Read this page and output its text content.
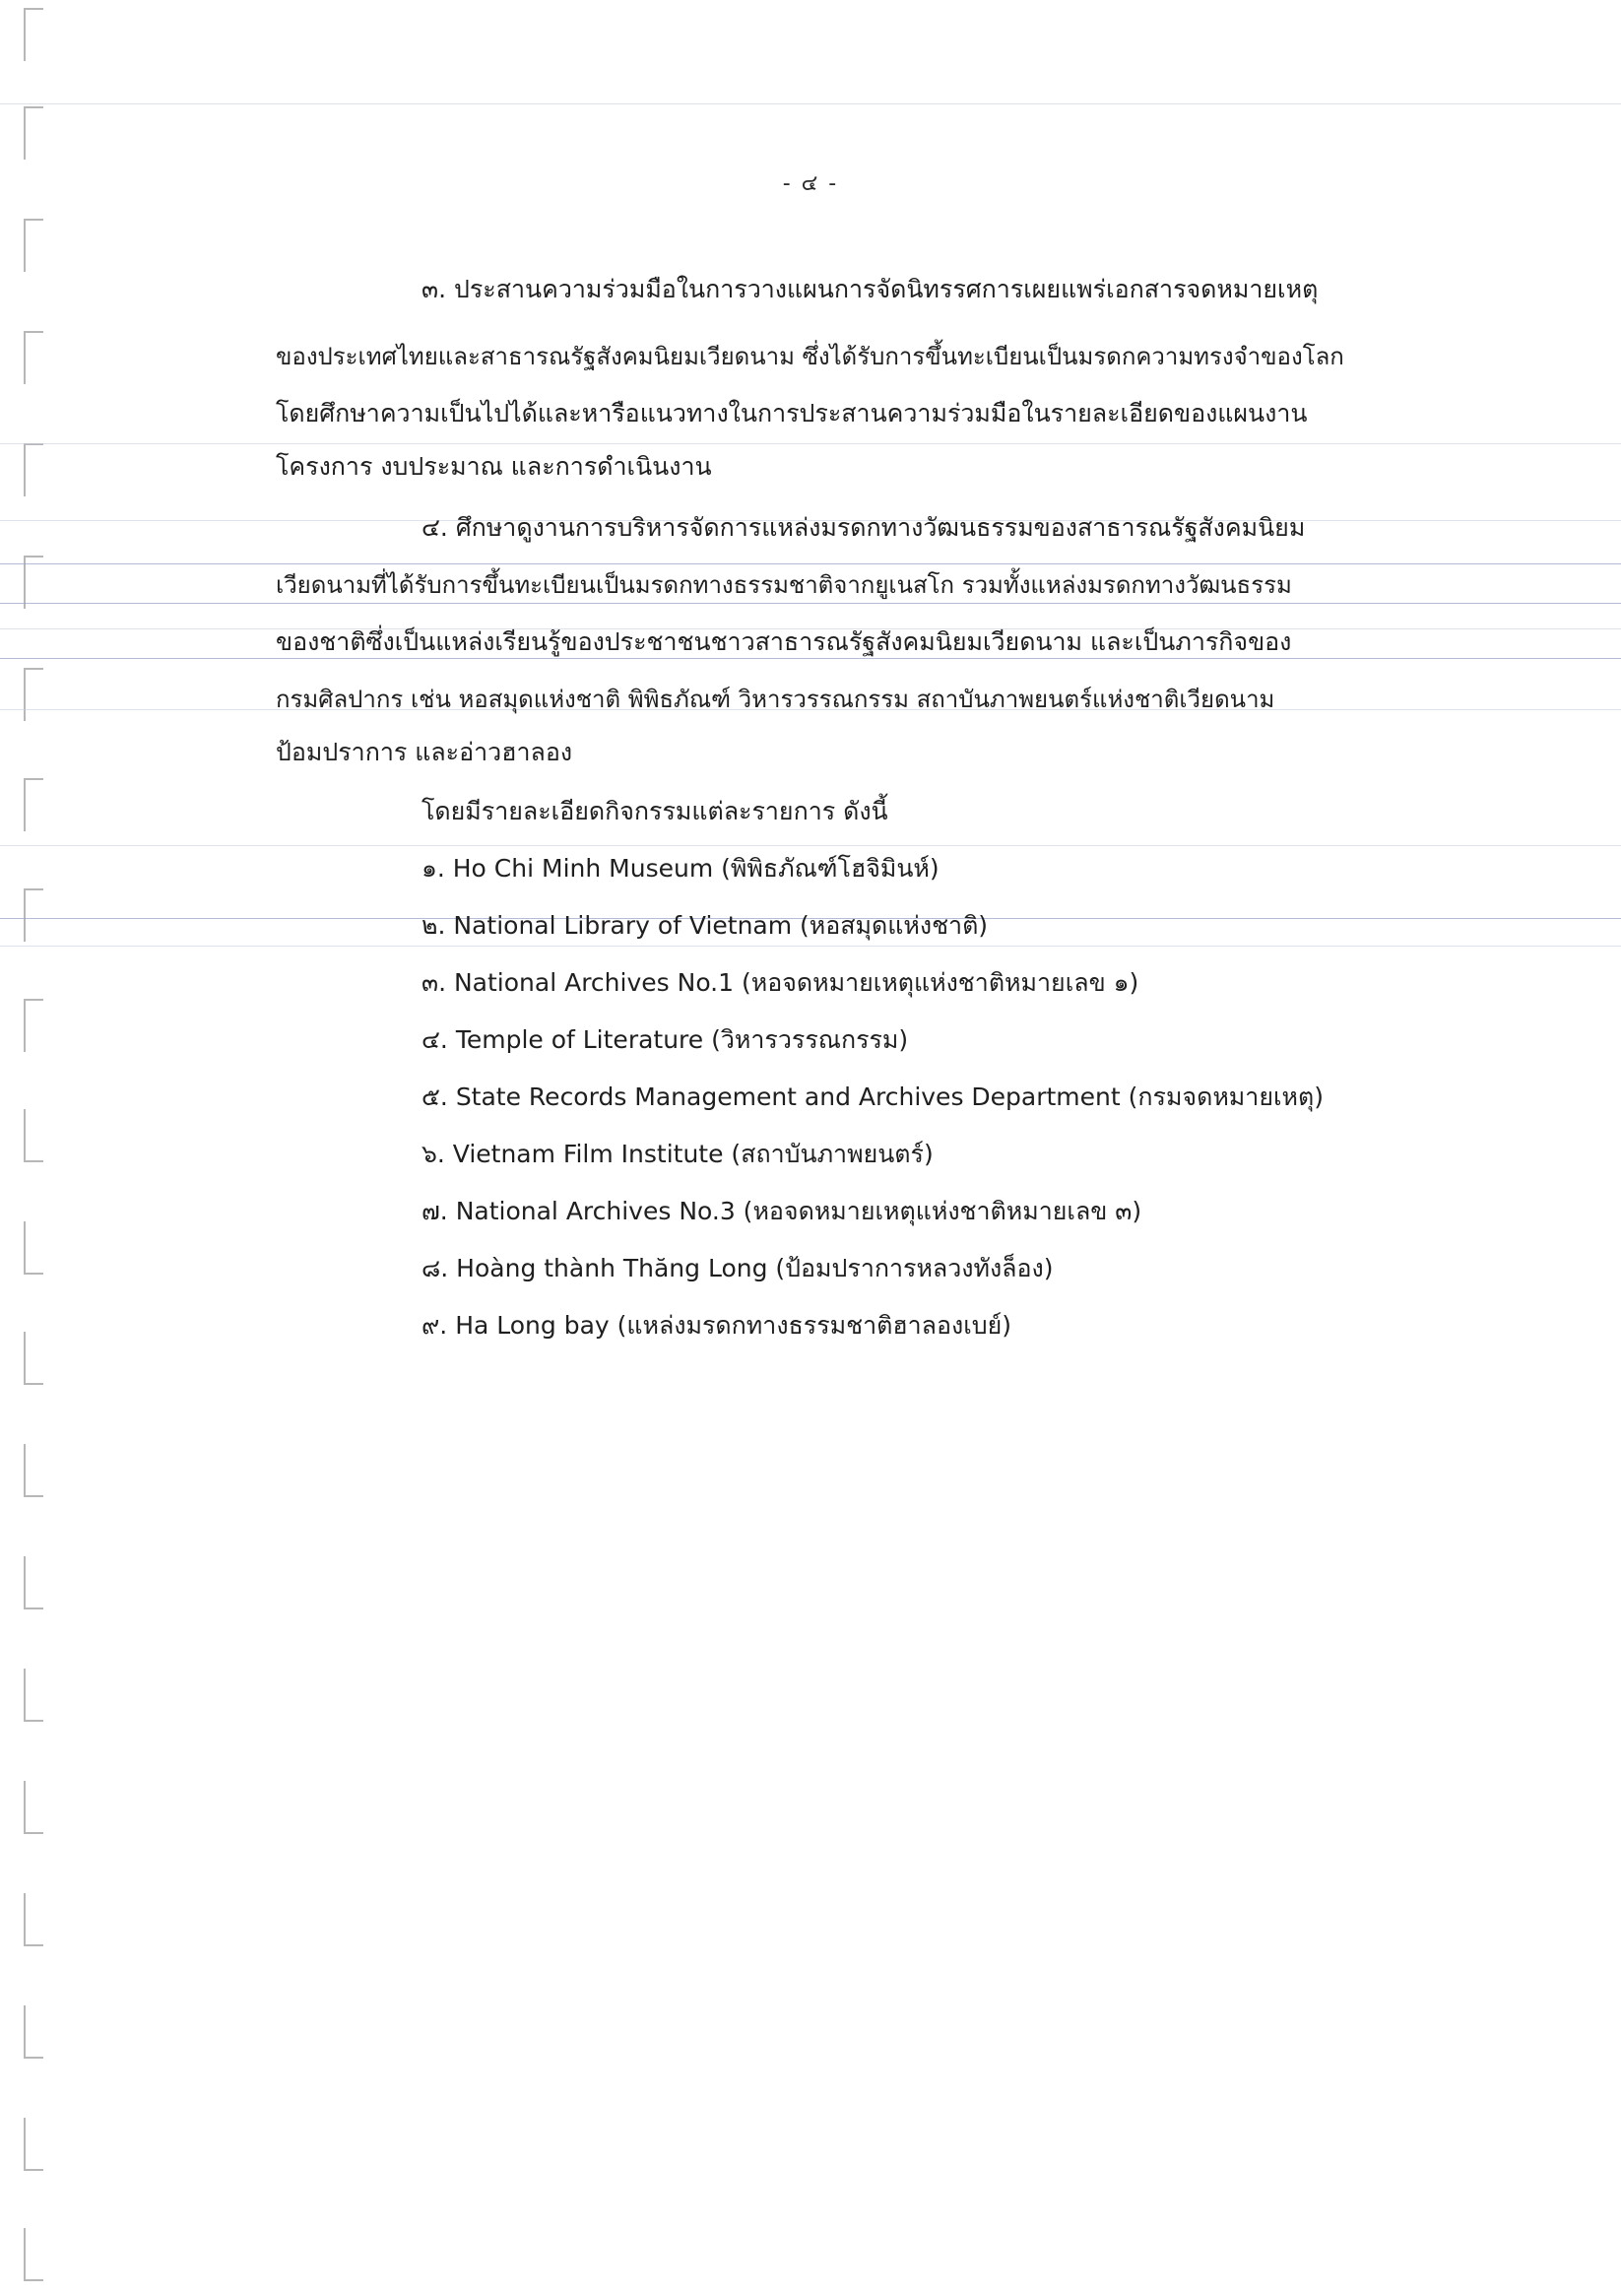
- ๔ -
๓. ประสานความร่วมมือในการวางแผนการจัดนิทรรศการเผยแพร่เอกสารจดหมายเหตุ
ของประเทศไทยและสาธารณรัฐสังคมนิยมเวียดนาม ซึ่งได้รับการขึ้นทะเบียนเป็นมรดกความทรงจำของโลก
โดยศึกษาความเป็นไปได้และหารือแนวทางในการประสานความร่วมมือในรายละเอียดของแผนงาน
โครงการ งบประมาณ และการดำเนินงาน
๔. ศึกษาดูงานการบริหารจัดการแหล่งมรดกทางวัฒนธรรมของสาธารณรัฐสังคมนิยม
เวียดนามที่ได้รับการขึ้นทะเบียนเป็นมรดกทางธรรมชาติจากยูเนสโก รวมทั้งแหล่งมรดกทางวัฒนธรรม
ของชาติซึ่งเป็นแหล่งเรียนรู้ของประชาชนชาวสาธารณรัฐสังคมนิยมเวียดนาม และเป็นภารกิจของ
กรมศิลปากร เช่น หอสมุดแห่งชาติ พิพิธภัณฑ์ วิหารวรรณกรรม สถาบันภาพยนตร์แห่งชาติเวียดนาม
ป้อมปราการ และอ่าวฮาลอง
โดยมีรายละเอียดกิจกรรมแต่ละรายการ ดังนี้
๑. Ho Chi Minh Museum (พิพิธภัณฑ์โฮจิมินห์)
๒. National Library of Vietnam (หอสมุดแห่งชาติ)
๓. National Archives No.1 (หอจดหมายเหตุแห่งชาติหมายเลข ๑)
๔. Temple of Literature (วิหารวรรณกรรม)
๕. State Records Management and Archives Department (กรมจดหมายเหตุ)
๖. Vietnam Film Institute (สถาบันภาพยนตร์)
๗. National Archives No.3 (หอจดหมายเหตุแห่งชาติหมายเลข ๓)
๘. Hoàng thành Thăng Long (ป้อมปราการหลวงทังล็อง)
๙. Ha Long bay (แหล่งมรดกทางธรรมชาติฮาลองเบย์)
